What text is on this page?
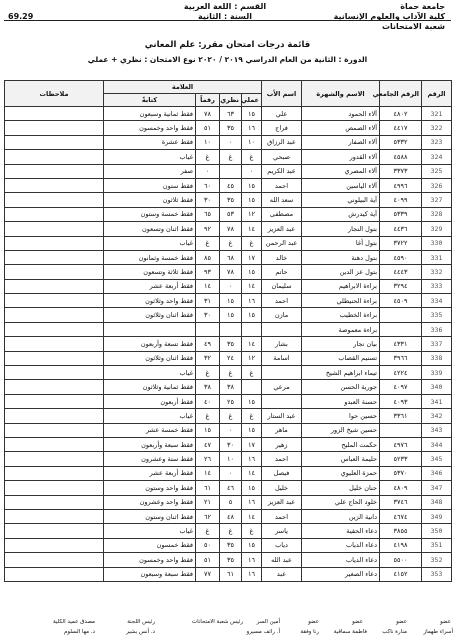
جامعة حماة
كلية الآداب والعلوم الإنسانية
شعبة الامتحانات
القسم : اللغة العربية
السنة : الثانية
69.29
قائمة درجات امتحان مقرر: علم المعاني
الدورة : الثانية من العام الدراسي ٢٠١٩ / ٢٠٢٠ نوع الامتحان : نظري + عملي
الرقم	الرقم الجامعي	الاسم والشهرة	اسم الأب	العلامة				ملاحظات
				عملي	نظري	رقماً	كتابةً	
321	٤٨٠٢	آلاء الحمود	علي	١٥	٦٣	٧٨	فقط ثمانية وسبعون	
322	٤٤١٧	آلاء الصمص	فراج	١٦	٣٥	٥١	فقط واحد وخمسون	
323	٥٣٣٢	آلاء الصفار	عبد الرزاق	١٠	٠	١٠	فقط عشرة	
324	٤٥٨٨	آلاء القدور	صبحي	غ	غ	غ	غياب	
325	٣٣٧٣	آلاء المصري	عبد الكريم	٠		٠	صفر	
326	٤٩٩٦	آلاء الياسين	احمد	١٥	٤٥	٦٠	فقط ستون	
327	٤٠٩٩	آية البيلوني	سعد الله	١٥	٣٥	٣٠	فقط ثلاثون	
328	٥٣٣٩	آية كيدرش	مصطفى	١٢	٥٣	٦٥	فقط خمسة وستون	
329	٤٤٣٦	بتول النجار	عبد العزيز	١٤	٧٨	٩٢	فقط اثنان وتسعون	
330	٣٧٢٢	بتول أغا	عبد الرحمن	غ	غ	غ	غياب	
331	٤٥٩٠	بتول دهنة	خالد	١٧	٦٨	٨٥	فقط خمسة وثمانون	
332	٤٤٤٣	بتول عز الدين	حاتم	١٥	٧٨	٩٣	فقط ثلاثة وتسعون	
333	٣٢٩٤	براءة الابراهيم	سليمان	١٤	٠	١٤	فقط أربعة عشر	
334	٤٥٠٩	براءة الحنيطلي	احمد	١٦	١٥	٣١	فقط واحد وثلاثون	
335		براءة الخطيب	مازن	١٥	١٥	٣٠	فقط اثنان وثلاثون	
336		براءة معموصة						
337	٤٣٣١	بيان نجار	بشار	١٤	٣٥	٤٩	فقط تسعة وأربعون	
338	٣٩٦٦	تسنيم القصاب	اسامة	١٢	٢٤	٣٢	فقط اثنان وثلاثون	
339	٤٢٢٤	تيماء ابراهيم الشيخ		غ	غ	غ	غياب	
340	٤٠٩٧	جورية الحسن	مرعي		٣٨	٣٨	فقط ثمانية وثلاثون	
341	٤٠٩٣	حسنة العبدو		١٥	٢٥	٤٠	فقط أربعون	
342	٣٣٦١	حسين حوا	عبد الستار	غ	غ	غ	غياب	
343		حسين شيخ الزور	ماهر	١٥	٠	١٥	فقط خمسة عشر	
344	٤٩٧٦	حكمت المليح	زهير	١٧	٣٠	٤٧	فقط سبعة وأربعون	
345	٥٢٣٣	حليمة العباس	احمد	١٦	١٠	٢٦	فقط ستة وعشرون	
346	٥٣٧٠	حمزة العليوي	فيصل	١٤	٠	١٤	فقط أربعة عشر	
347	٤٨٠٩	حنان خليل	خليل	١٥	٤٦	٦١	فقط واحد وستون	
348	٣٧٤٦	خلود الحاج علي	عبد العزيز	١٦	٥	٢١	فقط واحد وعشرون	
349	٤٦٧٤	دانية الزين	احمد	١٤	٤٨	٦٢	فقط اثنان وستون	
350	٣٨٥٥	دعاء الحقية	ياسر	غ	غ	غ	غياب	
351	٤١٩٨	دعاء الدياب	دياب	١٥	٣٥	٥٠	فقط خمسون	
352	٥٥٠٠	دعاء الدياب	عبد الله	١٦	٣٥	٥١	فقط واحد وخمسون	
353	٤١٥٢	دعاء الصغير	عبد	١٦	٦١	٧٧	فقط سبعة وسبعون	
عضو
عضو
عضو
عضو
أمين السر
رئيس شعبة الامتحانات
رئيس اللجنة
مصدق عميد الكلية
أسراء طهماز
منارة ناكب
فاطمة سماقية
رنا وفقة
أ. رائف مسيرو
د. أنس بشير
د. مها السلوم
